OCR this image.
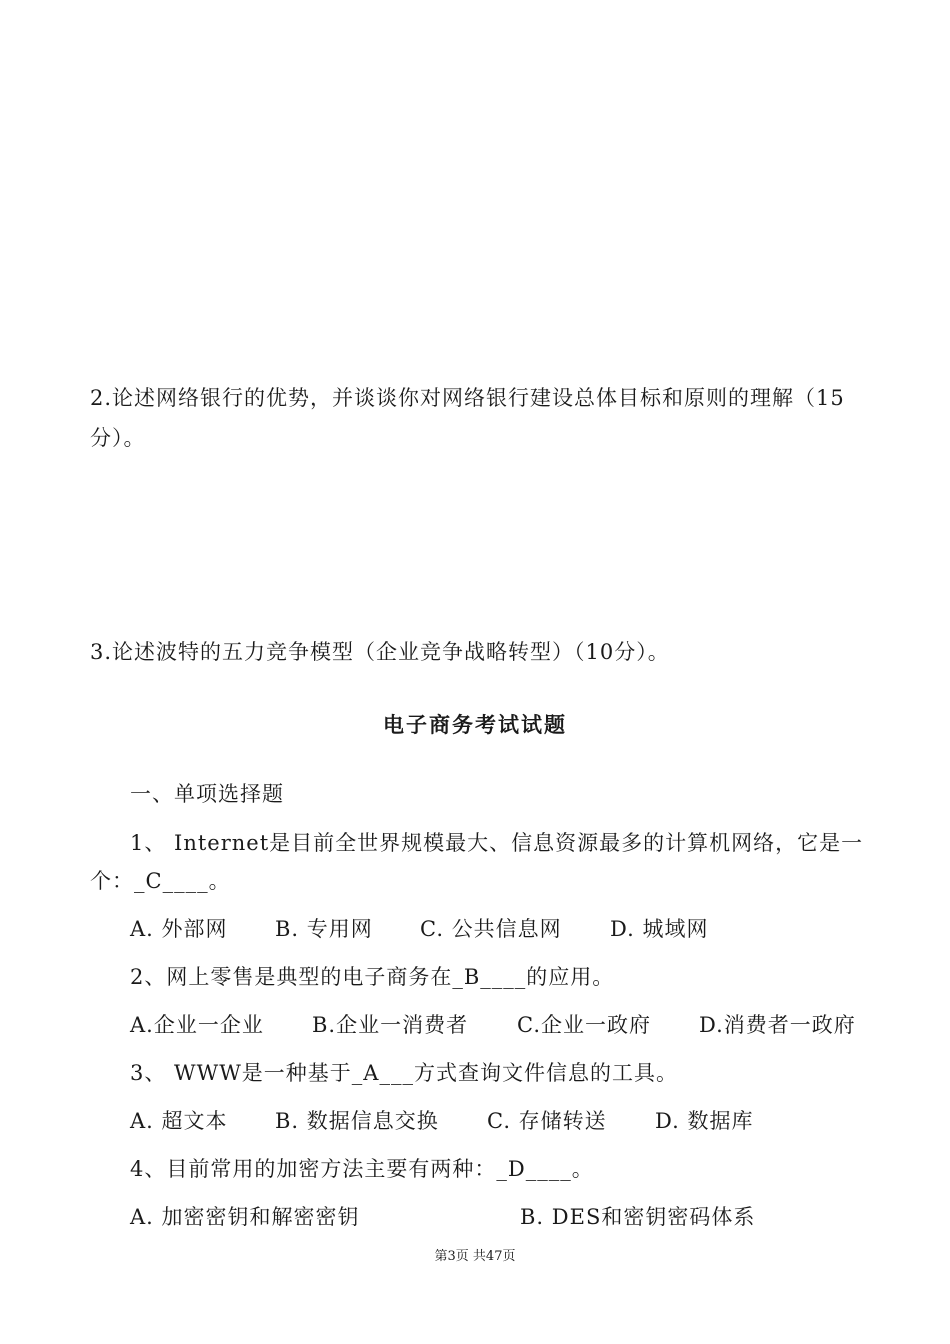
2.论述网络银行的优势，并谈谈你对网络银行建设总体目标和原则的理解（15
分）。
3.论述波特的五力竞争模型（企业竞争战略转型）（10分）。
电子商务考试试题
一、单项选择题
1、 Internet是目前全世界规模最大、信息资源最多的计算机网络，它是一
个：_C____。
A. 外部网 B. 专用网 C. 公共信息网 D. 城域网
2、网上零售是典型的电子商务在_B____的应用。
A.企业一企业 B.企业一消费者 C.企业一政府 D.消费者一政府
3、 WWW是一种基于_A___方式查询文件信息的工具。
A. 超文本 B. 数据信息交换 C. 存储转送 D. 数据库
4、目前常用的加密方法主要有两种：_D____。
A. 加密密钥和解密密钥	B. DES和密钥密码体系
第3页 共47页
